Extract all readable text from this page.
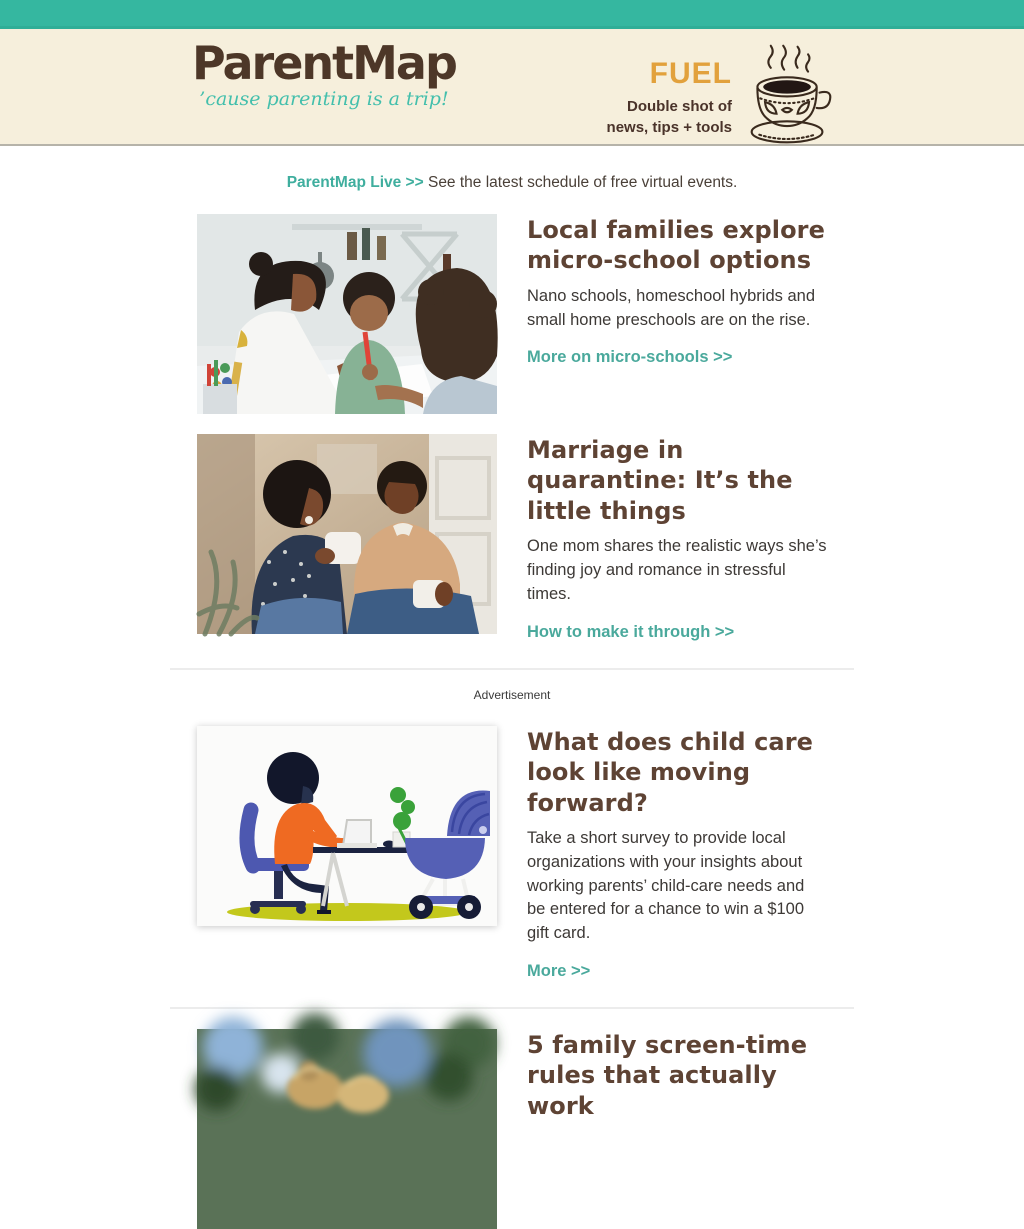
ParentMap
’cause parenting is a trip!
FUEL
Double shot of
news, tips + tools
ParentMap Live >> See the latest schedule of free virtual events.
Local families explore micro-school options
Nano schools, homeschool hybrids and small home preschools are on the rise.
More on micro-schools >>
Marriage in quarantine: It’s the little things
One mom shares the realistic ways she’s finding joy and romance in stressful times.
How to make it through >>
Advertisement
What does child care look like moving forward?
Take a short survey to provide local organizations with your insights about working parents’ child-care needs and be entered for a chance to win a $100 gift card.
More >>
5 family screen-time rules that actually work
